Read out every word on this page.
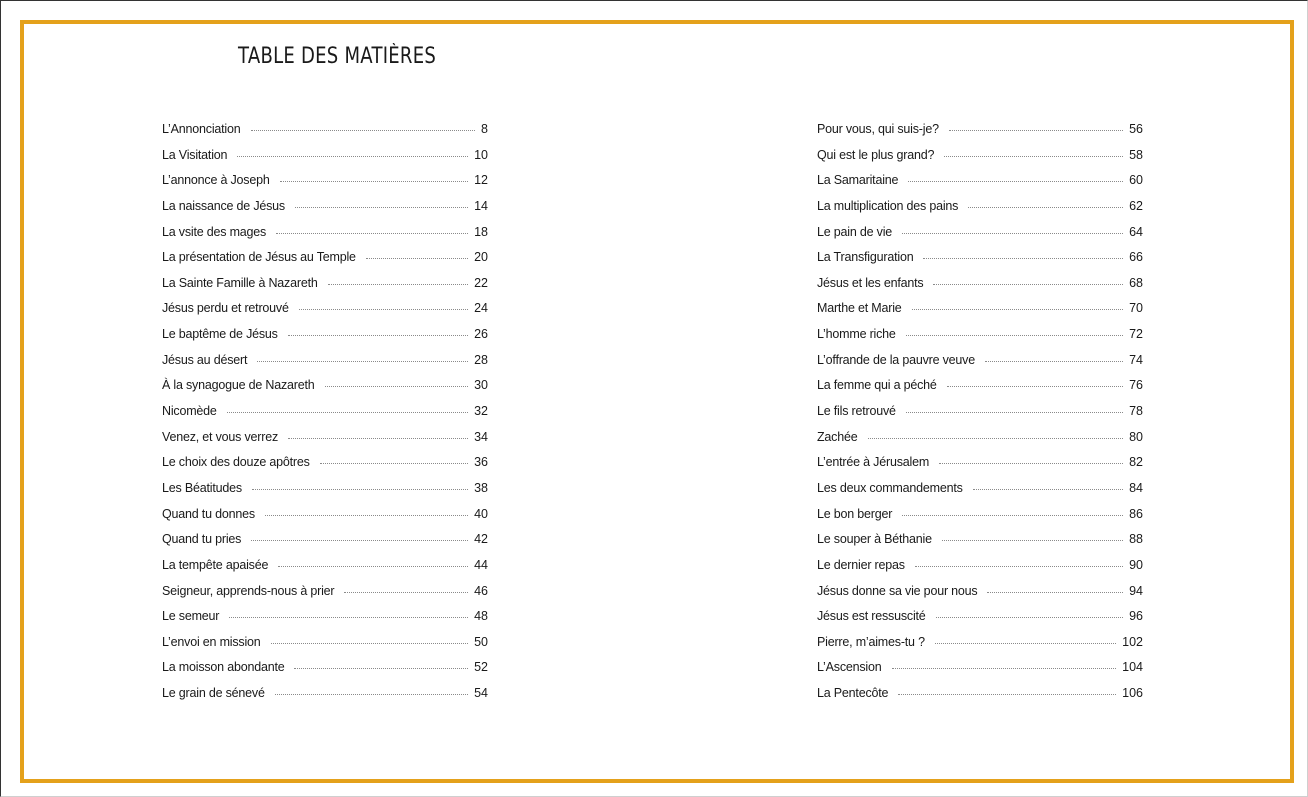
TABLE DES MATIÈRES
L’Annonciation	8
La Visitation	10
L’annonce à Joseph	12
La naissance de Jésus	14
La vsite des mages	18
La présentation de Jésus au Temple	20
La Sainte Famille à Nazareth	22
Jésus perdu et retrouvé	24
Le baptême de Jésus	26
Jésus au désert	28
À la synagogue de Nazareth	30
Nicomède	32
Venez, et vous verrez	34
Le choix des douze apôtres	36
Les Béatitudes	38
Quand tu donnes	40
Quand tu pries	42
La tempête apaisée	44
Seigneur, apprends-nous à prier	46
Le semeur	48
L’envoi en mission	50
La moisson abondante	52
Le grain de sénevé	54
Pour vous, qui suis-je?	56
Qui est le plus grand?	58
La Samaritaine	60
La multiplication des pains	62
Le pain de vie	64
La Transfiguration	66
Jésus et les enfants	68
Marthe et Marie	70
L’homme riche	72
L’offrande de la pauvre veuve	74
La femme qui a péché	76
Le fils retrouvé	78
Zachée	80
L’entrée à Jérusalem	82
Les deux commandements	84
Le bon berger	86
Le souper à Béthanie	88
Le dernier repas	90
Jésus donne sa vie pour nous	94
Jésus est ressuscité	96
Pierre, m’aimes-tu ?	102
L’Ascension	104
La Pentecôte	106
